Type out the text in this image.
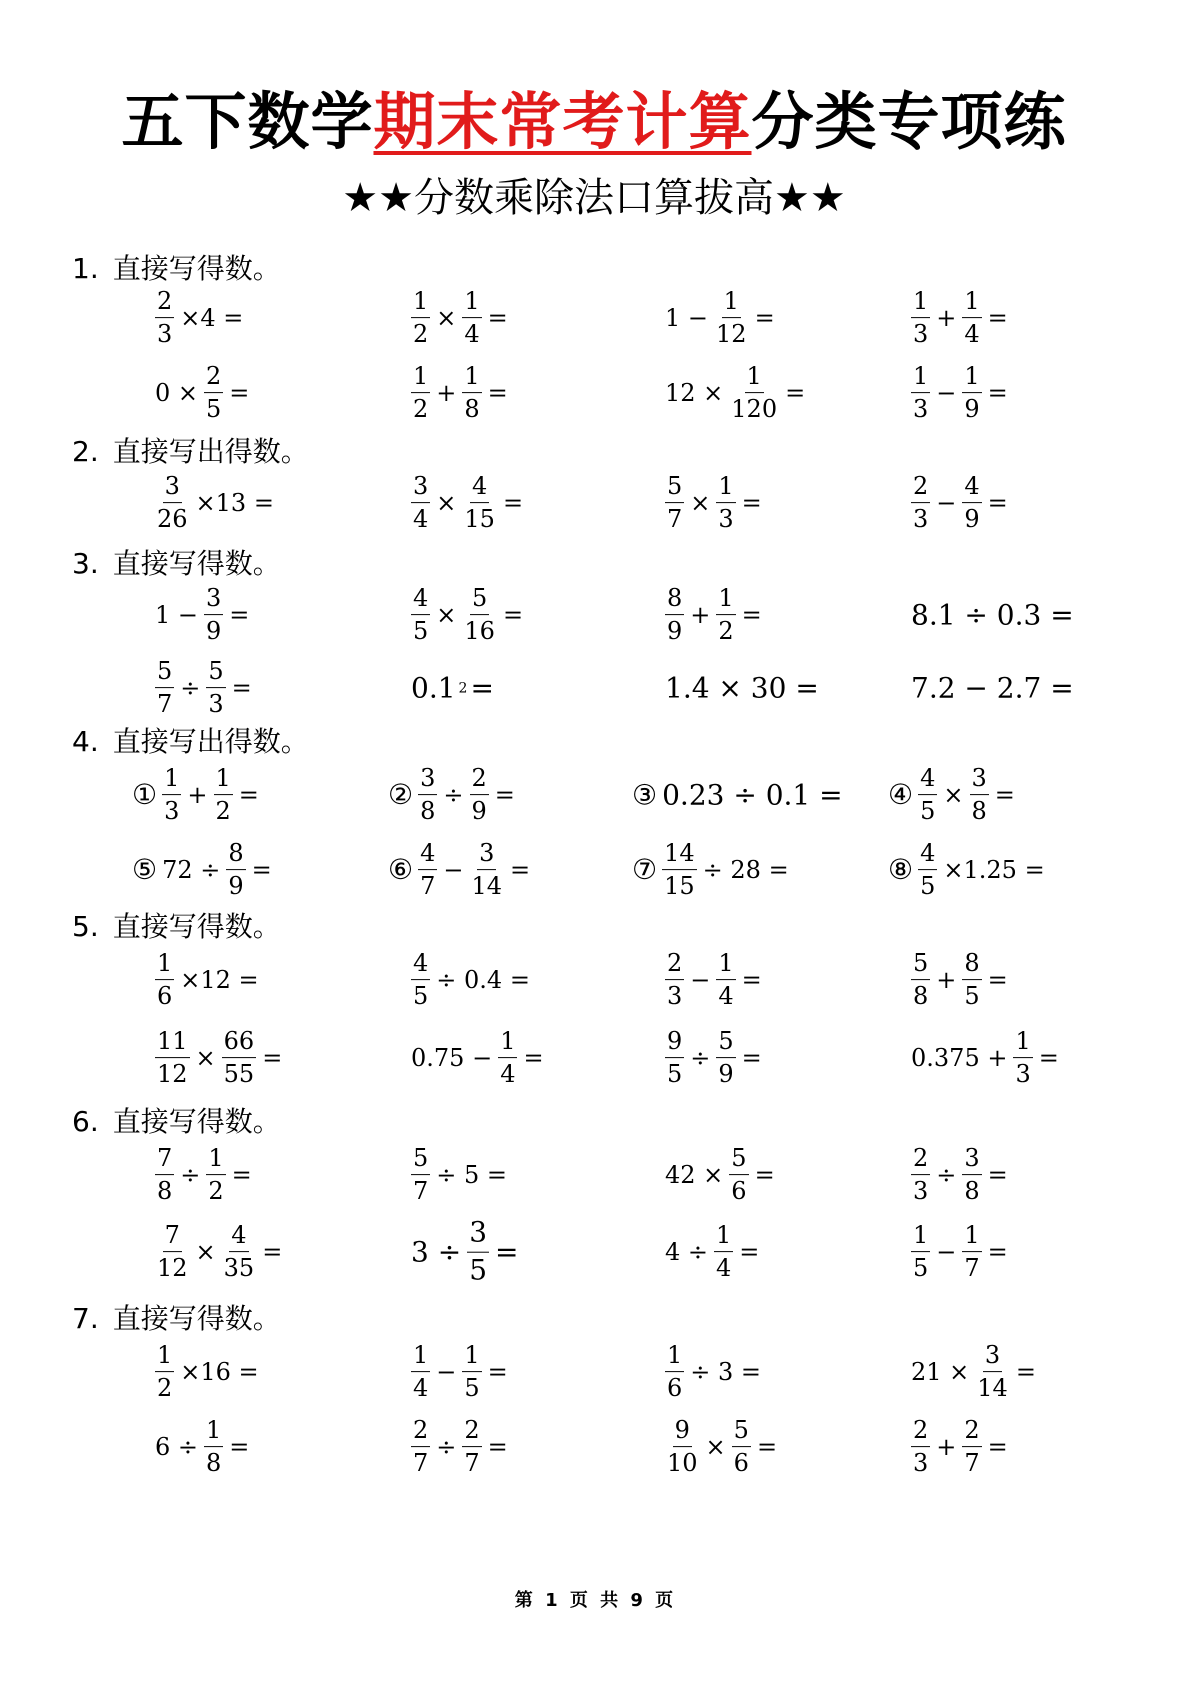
五下数学期末常考计算分类专项练
★★分数乘除法口算拔高★★
1. 直接写得数。
$\frac{2}{3} \times 4$ =	$\frac{1}{2} \times \frac{1}{4}$ =	$1 - \frac{1}{12}$ =	$\frac{1}{3} + \frac{1}{4}$ =
$0 \times \frac{2}{5}$ =	$\frac{1}{2} + \frac{1}{8}$ =	$12 \times \frac{1}{120}$ =	$\frac{1}{3} - \frac{1}{9}$ =
2. 直接写出得数。
$\frac{3}{26} \times 13$ =	$\frac{3}{4} \times \frac{4}{15}$ =	$\frac{5}{7} \times \frac{1}{3}$ =	$\frac{2}{3} - \frac{4}{9}$ =
3. 直接写得数。
$1 - \frac{3}{9}$ =	$\frac{4}{5} \times \frac{5}{16}$ =	$\frac{8}{9} + \frac{1}{2}$ =	8.1 ÷ 0.3 =
$\frac{5}{7} \div \frac{5}{3}$ =	0.1 2 =	1.4 × 30 =	7.2 − 2.7 =
4. 直接写出得数。
① $\frac{1}{3} + \frac{1}{2}$ =	② $\frac{3}{8} \div \frac{2}{9}$ =	③ 0.23 ÷ 0.1 = ④ $\frac{4}{5} \times \frac{3}{8}$ =
⑤ $72 \div \frac{8}{9}$ =	⑥ $\frac{4}{7} - \frac{3}{14}$ =	⑦ $\frac{14}{15} \div 28$ =	⑧ $\frac{4}{5} \times 1.25$ =
5. 直接写得数。
$\frac{1}{6} \times 12$ =	$\frac{4}{5} \div 0.4$ =	$\frac{2}{3} - \frac{1}{4}$ =	$\frac{5}{8} + \frac{8}{5}$ =
$\frac{11}{12} \times \frac{66}{55}$ =	$0.75 - \frac{1}{4}$ =	$\frac{9}{5} \div \frac{5}{9}$ =	$0.375 + \frac{1}{3}$ =
6. 直接写得数。
$\frac{7}{8} \div \frac{1}{2}$ =	$\frac{5}{7} \div 5$ =	$42 \times \frac{5}{6}$ =	$\frac{2}{3} \div \frac{3}{8}$ =
$\frac{7}{12} \times \frac{4}{35}$ =	$3 \div \frac{3}{5}$ =	$4 \div \frac{1}{4}$ =	$\frac{1}{5} - \frac{1}{7}$ =
7. 直接写得数。
$\frac{1}{2} \times 16$ =	$\frac{1}{4} - \frac{1}{5}$ =	$\frac{1}{6} \div 3$ =	$21 \times \frac{3}{14}$ =
$6 \div \frac{1}{8}$ =	$\frac{2}{7} \div \frac{2}{7}$ =	$\frac{9}{10} \times \frac{5}{6}$ =	$\frac{2}{3} + \frac{2}{7}$ =
第 1 页 共 9 页
